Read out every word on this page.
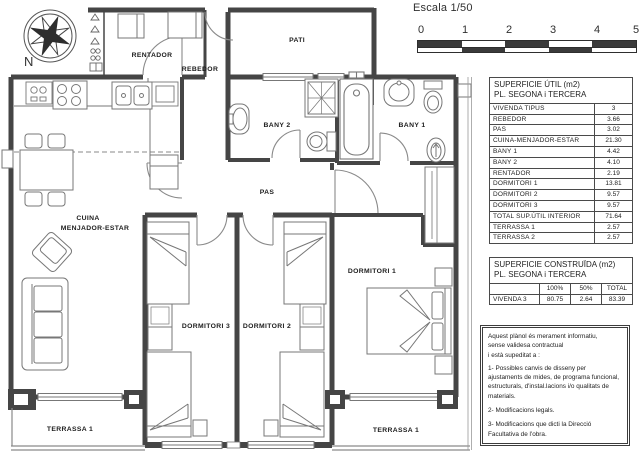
N	RENTADOR
REBEDOR
PATI
BANY 2	BANY 1
PAS
CUINA
MENJADOR-ESTAR
DORMITORI 1
DORMITORI 3 DORMITORI 2
TERRASSA 1	TERRASSA 1
Escala 1/50
0	1	2	3	4	5
SUPERFICIE ÚTIL (m2)
PL. SEGONA i TERCERA	

VIVENDA TIPUS	3
REBEDOR	3.66
PAS	3.02
CUINA-MENJADOR-ESTAR	21.30
BANY 1	4.42
BANY 2	4.10
RENTADOR	2.19
DORMITORI 1	13.81
DORMITORI 2	9.57
DORMITORI 3	9.57
TOTAL SUP.ÚTIL INTERIOR	71.64
TERRASSA 1	2.57
TERRASSA 2	2.57
SUPERFICIE CONSTRUÏDA (m2)
PL. SEGONA i TERCERA			

	100%	50%	TOTAL
VIVENDA 3	80.75	2.64	83.39

Aquest plànol és merament informatiu,
sense validesa contractual
i està supeditat a :

1- Possibles canvis de disseny per ajustaments de mides, de programa funcional, estructurals, d'instal.lacions i/o qualitats de materials.

2- Modificacions legals.

3- Modificacions que dicti la Direcció Facultativa de l'obra.
